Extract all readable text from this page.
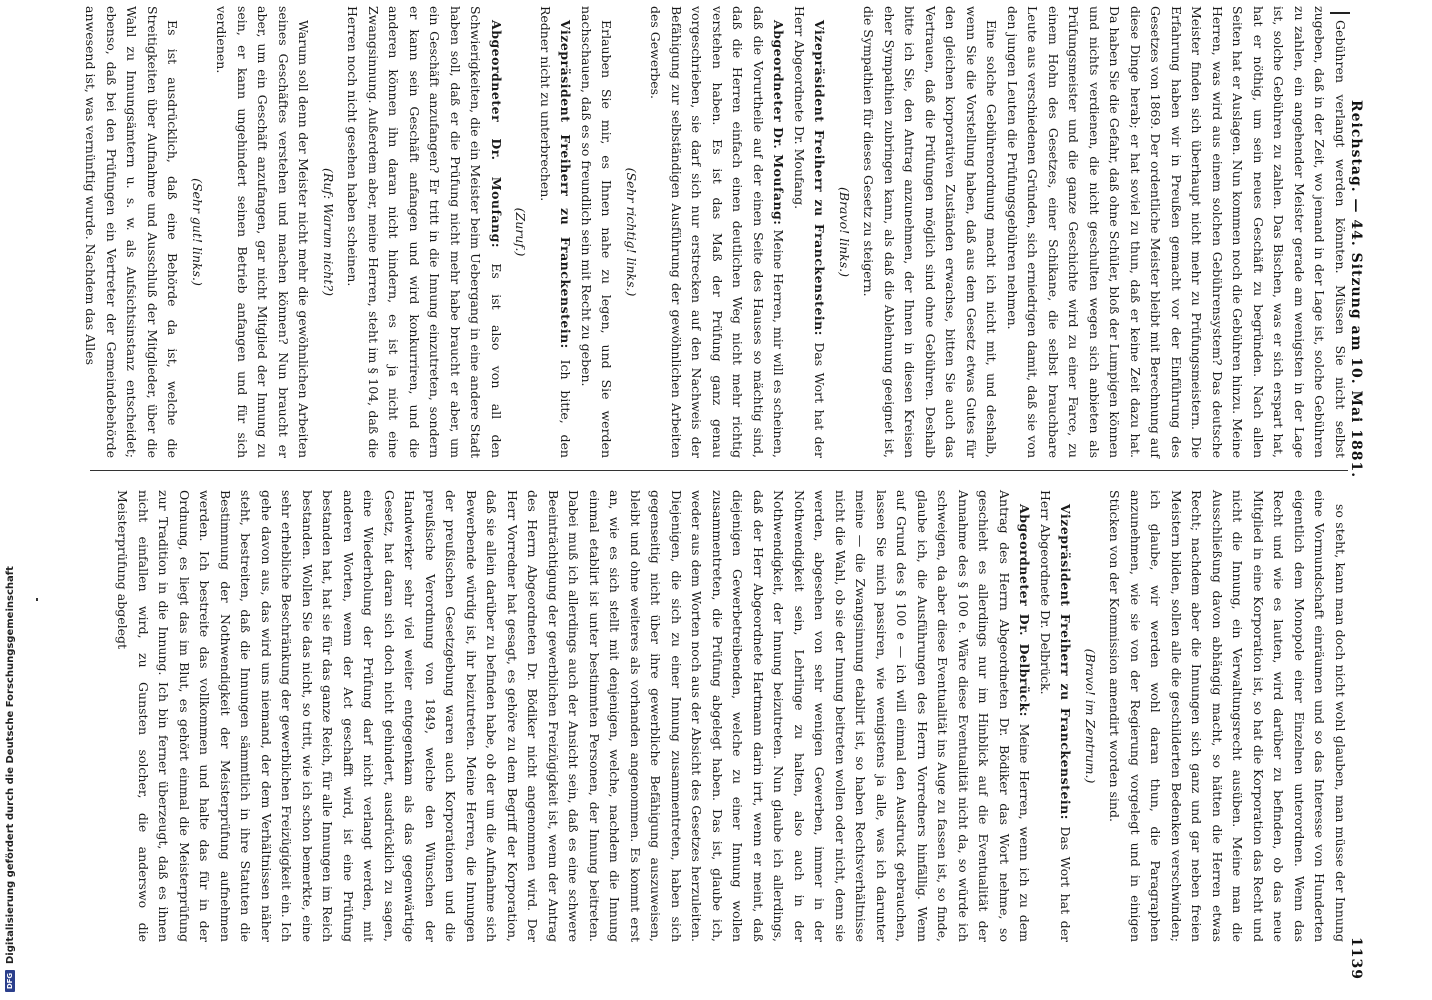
Reichstag. — 44. Sitzung am 10. Mai 1881.
1139

Gebühren verlangt werden könnten. Müssen Sie nicht selbst zugeben, daß in der Zeit, wo jemand in der Lage ist, solche Gebühren zu zahlen, ein angehender Meister gerade am wenigsten in der Lage ist, solche Gebühren zu zahlen. Das Bischen, was er sich erspart hat, hat er nöthig, um sein neues Geschäft zu begründen. Nach allen Seiten hat er Auslagen. Nun kommen noch die Gebühren hinzu. Meine Herren, was wird aus einem solchen Gebührensystem? Das deutsche Meister finden sich überhaupt nicht mehr zu Prüfungsmeistern. Die Erfahrung haben wir in Preußen gemacht vor der Einführung des Gesetzes von 1869. Der ordentliche Meister bleibt mit Berechnung auf diese Dinge herab; er hat soviel zu thun, daß er keine Zeit dazu hat. Da haben Sie die Gefahr, daß ohne Schüler, bloß der Lumpigen können und nichts verdienen, die nicht geschulten wegen sich anbieten als Prüfungsmeister und die ganze Geschichte wird zu einer Farce, zu einem Hohn des Gesetzes, einer Schikane, die selbst brauchbare Leute aus verschiedenen Gründen, sich erniedrigen damit, daß sie von den jungen Leuten die Prüfungsgebühren nehmen.

Eine solche Gebührenordnung macht ich nicht mit, und deshalb, wenn Sie die Vorstellung haben, daß aus dem Gesetz etwas Gutes für den gleichen korporativen Zuständen erwachse, bitten Sie auch das Vertrauen, daß die Prüfungen möglich sind ohne Gebühren. Deshalb bitte ich Sie, den Antrag anzunehmen, der Ihnen in diesen Kreisen eher Sympathien zubringen kann, als daß die Ablehnung geeignet ist, die Sympathien für dieses Gesetz zu steigern.

(Bravo! links.)

Vizepräsident Freiherr zu Franckenstein: Das Wort hat der Herr Abgeordnete Dr. Moufang.

Abgeordneter Dr. Moufang: Meine Herren, mir will es scheinen, daß die Vorurtheile auf der einen Seite des Hauses so mächtig sind, daß die Herren einfach einen deutlichen Weg nicht mehr richtig verstehen haben. Es ist das Maß der Prüfung ganz genau vorgeschrieben, sie darf sich nur erstrecken auf den Nachweis der Befähigung zur selbständigen Ausführung der gewöhnlichen Arbeiten des Gewerbes.

(Sehr richtig! links.)

Erlauben Sie mir, es Ihnen nahe zu legen, und Sie werden nachschauen, daß es so freundlich sein mit Recht zu geben.

Vizepräsident Freiherr zu Franckenstein: Ich bitte, den Redner nicht zu unterbrechen.

(Zuruf.)

Abgeordneter Dr. Moufang: Es ist also von all den Schwierigkeiten, die ein Meister beim Uebergang in eine andere Stadt haben soll, daß er die Prüfung nicht mehr habe braucht er aber, um ein Geschäft anzufangen? Er tritt in die Innung einzutreten, sondern er kann sein Geschäft anfangen und wird konkurriren, und die anderen können ihn daran nicht hindern, es ist ja nicht eine Zwangsinnung. Außerdem aber, meine Herren, steht im § 104, daß die Herren noch nicht gesehen haben scheinen.

(Ruf: Warum nicht?)

Warum soll denn der Meister nicht mehr die gewöhnlichen Arbeiten seines Geschäftes verstehen und machen können? Nun braucht er aber, um ein Geschäft anzufangen, gar nicht Mitglied der Innung zu sein, er kann ungehindert seinen Betrieb anfangen und für sich verdienen.

(Sehr gut! links.)

Es ist ausdrücklich, daß eine Behörde da ist, welche die Streitigkeiten über Aufnahme und Ausschluß der Mitglieder, über die Wahl zu Innungsämtern u. s. w. als Aufsichtsinstanz entscheidet; ebenso, daß bei den Prüfungen ein Vertreter der Gemeindebehörde anwesend ist, was vernünftig wurde. Nachdem das Alles

so steht, kann man doch nicht wohl glauben, man müsse der Innung eine Vormundschaft einräumen und so das Interesse von Hunderten eigentlich dem Monopole einer Einzelnen unterordnen. Wenn das Recht und wie es lauten, wird darüber zu befinden, ob das neue Mitglied in eine Korporation ist, so hat die Korporation das Recht und nicht die Innung, ein Verwaltungsrecht ausüben. Meine man die Ausschließung davon abhängig macht, so hätten die Herren etwas Recht; nachdem aber die Innungen sich ganz und gar neben freien Meistern bilden, sollen alle die geschilderten Bedenken verschwinden; ich glaube, wir werden wohl daran thun, die Paragraphen anzunehmen, wie sie von der Regierung vorgelegt und in einigen Stücken von der Kommission amendirt worden sind.

(Bravo! im Zentrum.)

Vizepräsident Freiherr zu Franckenstein: Das Wort hat der Herr Abgeordnete Dr. Delbrück.

Abgeordneter Dr. Delbrück: Meine Herren, wenn ich zu dem Antrag des Herrn Abgeordneten Dr. Bödiker das Wort nehme, so geschieht es allerdings nur im Hinblick auf die Eventualität der Annahme des § 100 e. Wäre diese Eventualität nicht da, so würde ich schweigen, da aber diese Eventualität ins Auge zu fassen ist, so finde, glaube ich, die Ausführungen des Herrn Vorredners hinfällig. Wenn auf Grund des § 100 e — ich will einmal den Ausdruck gebrauchen, lassen Sie mich passiren, wie wenigstens ja alle, was ich darunter meine — die Zwangsinnung etablirt ist, so haben Rechtsverhältnisse nicht die Wahl, ob sie der Innung beitreten wollen oder nicht, denn sie werden, abgesehen von sehr wenigen Gewerben, immer in der Nothwendigkeit sein, Lehrlinge zu halten, also auch in der Nothwendigkeit, der Innung beizutreten. Nun glaube ich allerdings, daß der Herr Abgeordnete Hartmann darin irrt, wenn er meint, daß diejenigen Gewerbetreibenden, welche zu einer Innung wollen zusammentreten, die Prüfung abgelegt haben. Das ist, glaube ich, weder aus dem Worten noch aus der Absicht des Gesetzes herzuleiten. Diejenigen, die sich zu einer Innung zusammentreten, haben sich gegenseitig nicht über ihre gewerbliche Befähigung auszuweisen, bleibt und ohne weiteres als vorhanden angenommen. Es kommt erst an, wie es sich stellt mit denjenigen, welche, nachdem die Innung einmal etablirt ist unter bestimmten Personen, der Innung beitreten. Dabei muß ich allerdings auch der Ansicht sein, daß es eine schwere Beeinträchtigung der gewerblichen Freizügigkeit ist, wenn der Antrag des Herrn Abgeordneten Dr. Bödiker nicht angenommen wird. Der Herr Vorredner hat gesagt, es gehöre zu dem Begriff der Korporation, daß sie allein darüber zu befinden habe, ob der um die Aufnahme sich Bewerbende würdig ist, ihr beizutreten. Meine Herren, die Innungen der preußischen Gesetzgebung waren auch Korporationen und die preußische Verordnung von 1849, welche den Wünschen der Handwerker sehr viel weiter entgegenkam als das gegenwärtige Gesetz, hat daran sich doch nicht gehindert, ausdrücklich zu sagen, eine Wiederholung der Prüfung darf nicht verlangt werden, mit anderen Worten, wenn der Act geschafft wird, ist eine Prüfung bestanden hat, hat sie für das ganze Reich, für alle Innungen im Reich bestanden. Wollen Sie das nicht, so tritt, wie ich schon bemerkte, eine sehr erhebliche Beschränkung der gewerblichen Freizügigkeit ein. Ich gehe davon aus, das wird uns niemand, der dem Verhältnissen näher steht, bestreiten, daß die Innungen sämmtlich in ihre Statuten die Bestimmung der Nothwendigkeit der Meisterprüfung aufnehmen werden. Ich bestreite das vollkommen und halte das für in der Ordnung, es liegt das im Blut, es gehört einmal die Meisterprüfung zur Tradition in die Innung. Ich bin ferner überzeugt, daß es ihnen nicht einfallen wird, zu Gunsten solcher, die anderswo die Meisterprüfung abgelegt

DFG
Digitalisierung gefördert durch die Deutsche Forschungsgemeinschaft
